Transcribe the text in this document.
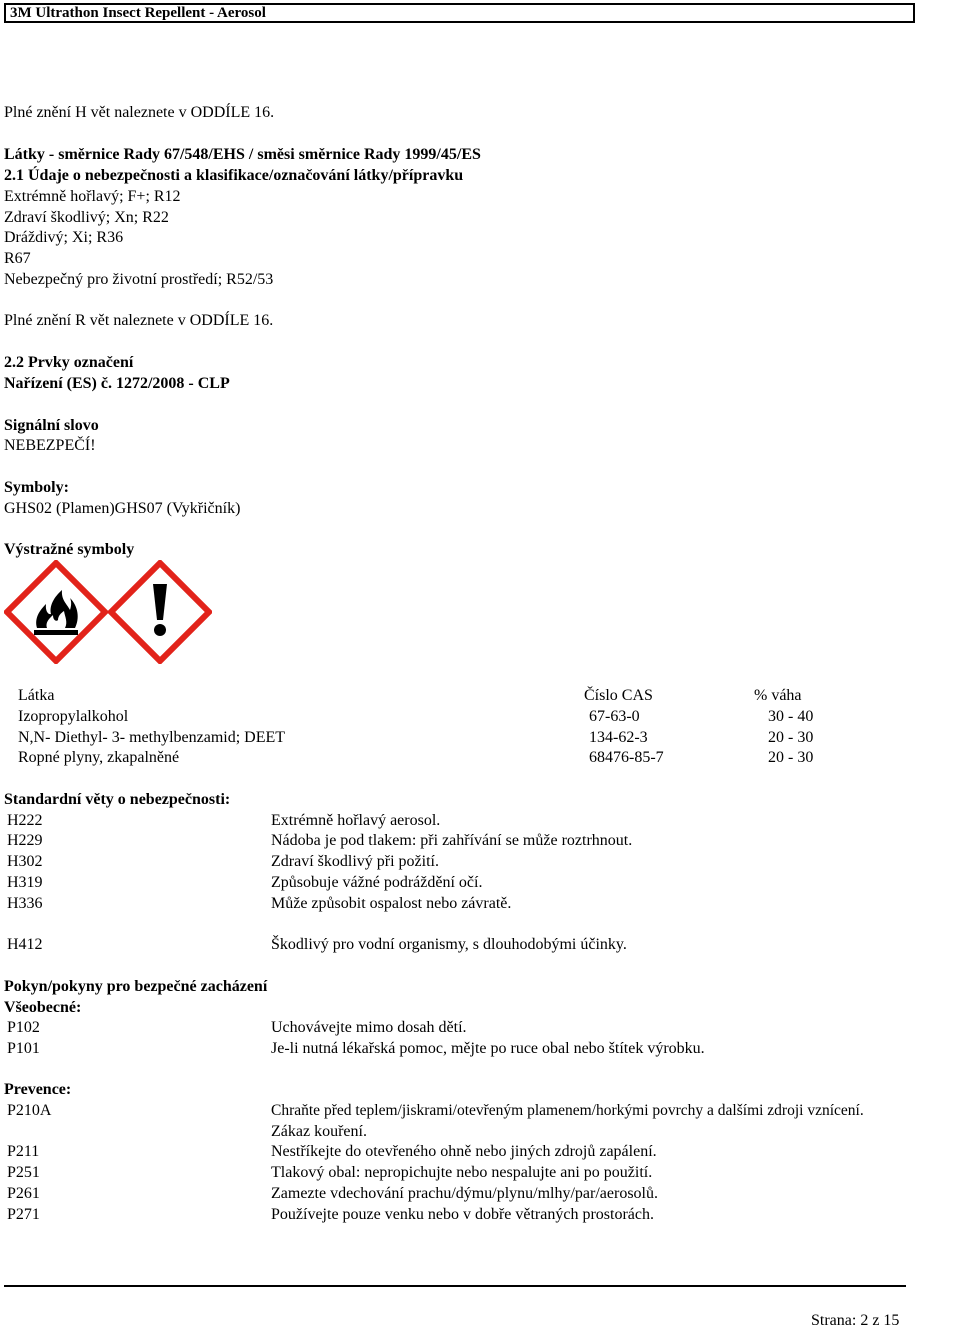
3M Ultrathon Insect Repellent - Aerosol
Plné znění H vět naleznete v ODDÍLE 16.
Látky - směrnice Rady 67/548/EHS / směsi směrnice Rady 1999/45/ES
2.1 Údaje o nebezpečnosti a klasifikace/označování látky/přípravku
Extrémně hořlavý; F+; R12
Zdraví škodlivý; Xn; R22
Dráždivý; Xi; R36
R67
Nebezpečný pro životní prostředí; R52/53
Plné znění R vět naleznete v ODDÍLE 16.
2.2 Prvky označení
Nařízení (ES) č. 1272/2008 - CLP
Signální slovo
NEBEZPEČÍ!
Symboly:
GHS02 (Plamen)GHS07 (Vykřičník)
Výstražné symboly
Látka	Číslo CAS	% váha
Izopropylalkohol	67-63-0	30 - 40
N,N- Diethyl- 3- methylbenzamid; DEET	134-62-3	20 - 30
Ropné plyny, zkapalněné	68476-85-7	20 - 30
Standardní věty o nebezpečnosti:
H222	Extrémně hořlavý aerosol.
H229	Nádoba je pod tlakem: při zahřívání se může roztrhnout.
H302	Zdraví škodlivý při požití.
H319	Způsobuje vážné podráždění očí.
H336	Může způsobit ospalost nebo závratě.
H412	Škodlivý pro vodní organismy, s dlouhodobými účinky.
Pokyn/pokyny pro bezpečné zacházení
Všeobecné:
P102	Uchovávejte mimo dosah dětí.
P101	Je-li nutná lékařská pomoc, mějte po ruce obal nebo štítek výrobku.
Prevence:
P210A	Chraňte před teplem/jiskrami/otevřeným plamenem/horkými povrchy a dalšími zdroji vznícení.
Zákaz kouření.
P211	Nestříkejte do otevřeného ohně nebo jiných zdrojů zapálení.
P251	Tlakový obal: nepropichujte nebo nespalujte ani po použití.
P261	Zamezte vdechování prachu/dýmu/plynu/mlhy/par/aerosolů.
P271	Používejte pouze venku nebo v dobře větraných prostorách.
Strana: 2 z 15
